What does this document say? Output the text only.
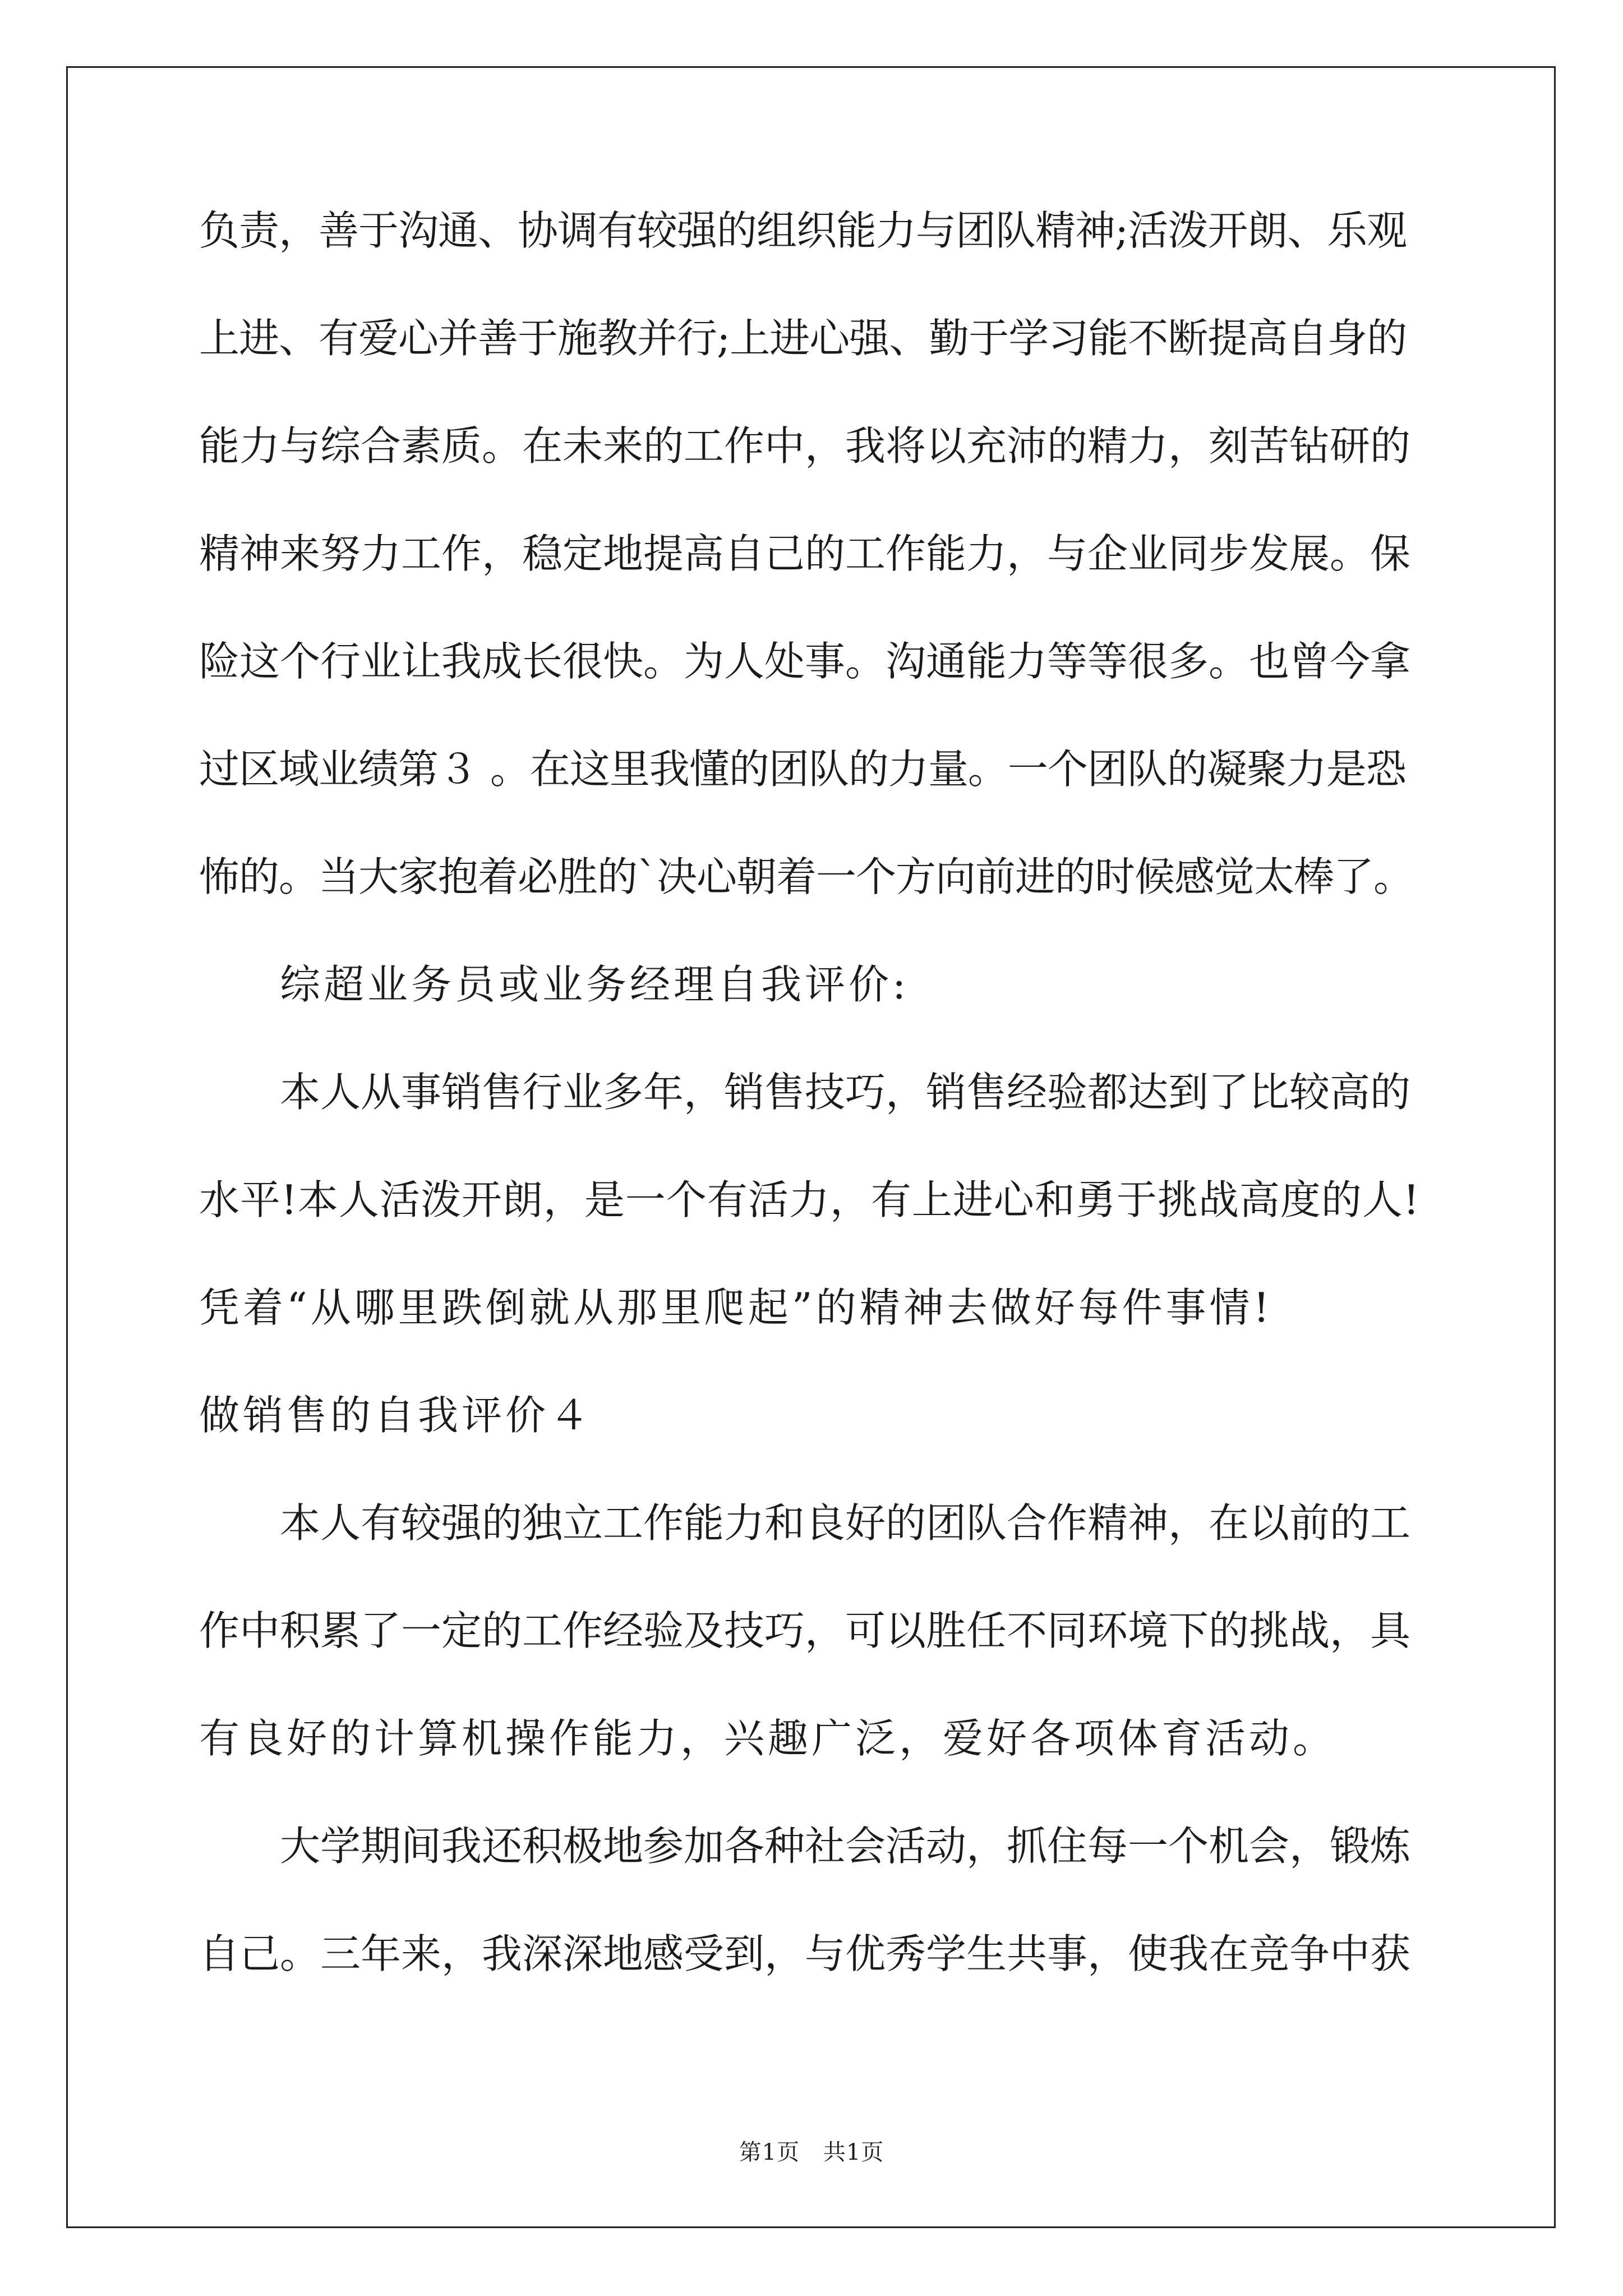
负责，善于沟通、协调有较强的组织能力与团队精神;活泼开朗、乐观
上进、有爱心并善于施教并行;上进心强、勤于学习能不断提高自身的
能力与综合素质。在未来的工作中，我将以充沛的精力，刻苦钻研的
精神来努力工作，稳定地提高自己的工作能力，与企业同步发展。保
险这个行业让我成长很快。为人处事。沟通能力等等很多。也曾今拿
过区域业绩第３ 。在这里我懂的团队的力量。一个团队的凝聚力是恐
怖的。当大家抱着必胜的`决心朝着一个方向前进的时候感觉太棒了。
综超业务员或业务经理自我评价:
本人从事销售行业多年，销售技巧，销售经验都达到了比较高的
水平!本人活泼开朗，是一个有活力，有上进心和勇于挑战高度的人!
凭着“从哪里跌倒就从那里爬起”的精神去做好每件事情!
做销售的自我评价４
本人有较强的独立工作能力和良好的团队合作精神，在以前的工
作中积累了一定的工作经验及技巧，可以胜任不同环境下的挑战，具
有良好的计算机操作能力，兴趣广泛，爱好各项体育活动。
大学期间我还积极地参加各种社会活动，抓住每一个机会，锻炼
自己。三年来，我深深地感受到，与优秀学生共事，使我在竞争中获
第1页 共1页
